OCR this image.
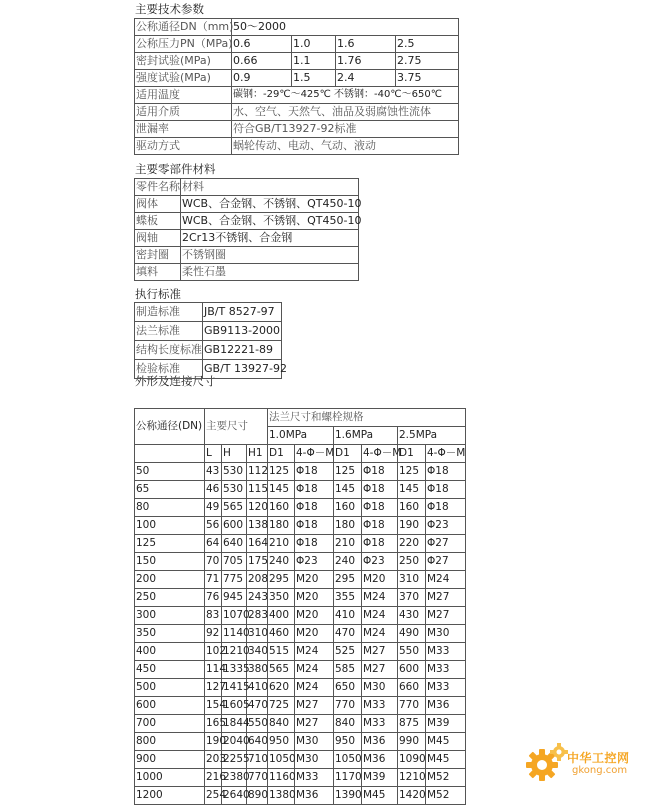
主要技术参数
主要零部件材料
执行标准
外形及连接尺寸
公称通径DN（mm)	50～2000			
公称压力PN（MPa)	0.6	1.0	1.6	2.5
密封试验(MPa)	0.66	1.1	1.76	2.75
强度试验(MPa)	0.9	1.5	2.4	3.75
适用温度	碳钢：-29℃～425℃ 不锈钢：-40℃～650℃			
适用介质	水、空气、天然气、油品及弱腐蚀性流体			
泄漏率	符合GB/T13927-92标准			
驱动方式	蜗轮传动、电动、气动、液动			
零件名称	材料
阀体	WCB、合金钢、不锈钢、QT450-10
蝶板	WCB、合金钢、不锈钢、QT450-10
阀轴	2Cr13不锈钢、合金钢
密封圈	不锈钢圈
填料	柔性石墨
制造标准	JB/T 8527-97
法兰标准	GB9113-2000
结构长度标准	GB12221-89
检验标准	GB/T 13927-92
公称通径(DN)	主要尺寸			法兰尺寸和螺栓规格					
				1.0MPa		1.6MPa		2.5MPa	
	L	H	H1	D1	4-Φ－M	D1	4-Φ－M	D1	4-Φ－M
50	43	530	112	125	Φ18	125	Φ18	125	Φ18
65	46	530	115	145	Φ18	145	Φ18	145	Φ18
80	49	565	120	160	Φ18	160	Φ18	160	Φ18
100	56	600	138	180	Φ18	180	Φ18	190	Φ23
125	64	640	164	210	Φ18	210	Φ18	220	Φ27
150	70	705	175	240	Φ23	240	Φ23	250	Φ27
200	71	775	208	295	M20	295	M20	310	M24
250	76	945	243	350	M20	355	M24	370	M27
300	83	1070	283	400	M20	410	M24	430	M27
350	92	1140	310	460	M20	470	M24	490	M30
400	102	1210	340	515	M24	525	M27	550	M33
450	114	1335	380	565	M24	585	M27	600	M33
500	127	1415	410	620	M24	650	M30	660	M33
600	154	1605	470	725	M27	770	M33	770	M36
700	165	1844	550	840	M27	840	M33	875	M39
800	190	2040	640	950	M30	950	M36	990	M45
900	203	2255	710	1050	M30	1050	M36	1090	M45
1000	216	2380	770	1160	M33	1170	M39	1210	M52
1200	254	2640	890	1380	M36	1390	M45	1420	M52
中华工控网
gkong.com
